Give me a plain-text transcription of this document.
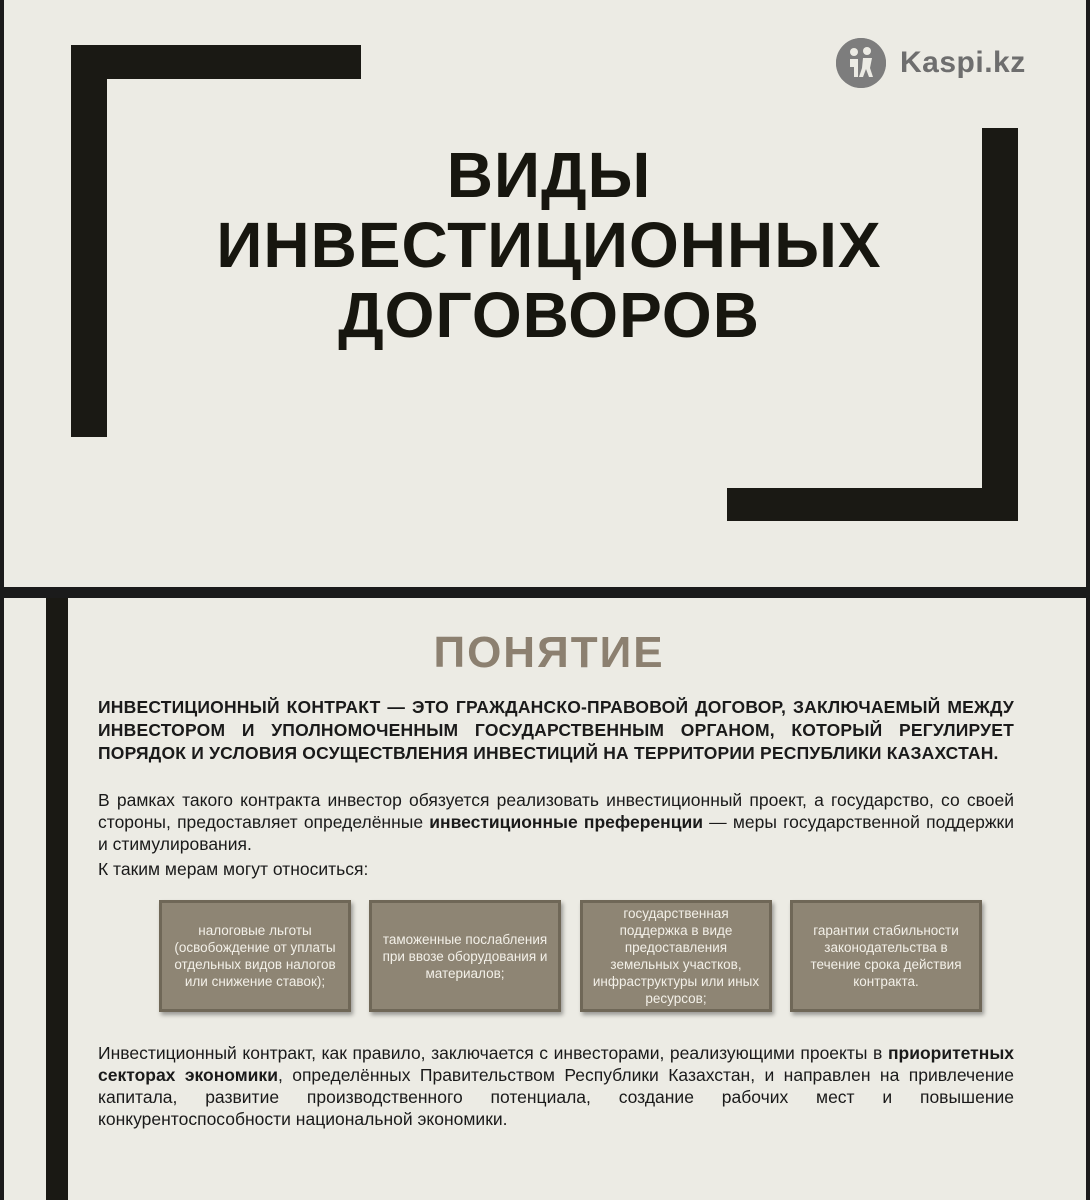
Kaspi.kz
ВИДЫ
ИНВЕСТИЦИОННЫХ
ДОГОВОРОВ
ПОНЯТИЕ
ИНВЕСТИЦИОННЫЙ КОНТРАКТ — ЭТО ГРАЖДАНСКО-ПРАВОВОЙ ДОГОВОР, ЗАКЛЮЧАЕМЫЙ МЕЖДУ ИНВЕСТОРОМ И УПОЛНОМОЧЕННЫМ ГОСУДАРСТВЕННЫМ ОРГАНОМ, КОТОРЫЙ РЕГУЛИРУЕТ ПОРЯДОК И УСЛОВИЯ ОСУЩЕСТВЛЕНИЯ ИНВЕСТИЦИЙ НА ТЕРРИТОРИИ РЕСПУБЛИКИ КАЗАХСТАН.
В рамках такого контракта инвестор обязуется реализовать инвестиционный проект, а государство, со своей стороны, предоставляет определённые инвестиционные преференции — меры государственной поддержки и стимулирования.
К таким мерам могут относиться:
налоговые льготы (освобождение от уплаты отдельных видов налогов или снижение ставок);
таможенные послабления при ввозе оборудования и материалов;
государственная поддержка в виде предоставления земельных участков, инфраструктуры или иных ресурсов;
гарантии стабильности законодательства в течение срока действия контракта.
Инвестиционный контракт, как правило, заключается с инвесторами, реализующими проекты в приоритетных секторах экономики, определённых Правительством Республики Казахстан, и направлен на привлечение капитала, развитие производственного потенциала, создание рабочих мест и повышение конкурентоспособности национальной экономики.
